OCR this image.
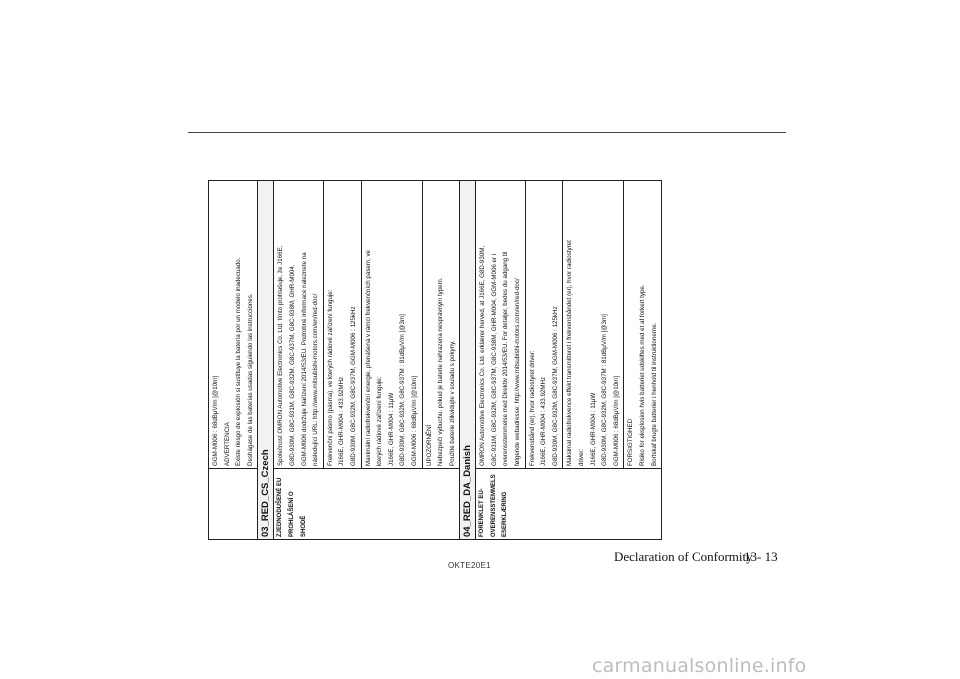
	GGM-M006 : 68dBμV/m [@10m] ADVERTENCIA Existe riesgo de explosión si sustituye la batería por un modelo inadecuado. Deshágase de las baterías usadas siguiendo las instrucciones.

03_RED_CS_Czech	
ZJEDNODUŠENÉ EU PROHLÁŠENÍ O SHODĚ	Společnost OMRON Automotive Electronics Co. Ltd. tímto prohlašuje, že J166E, G8D-930M, G8C-931M, G8C-932M, G8C-937M, G8C-938M, GHR-M004, GGM-M006 dodržuje Nařízení 2014/53/EU. Podrobné informace naleznete na následující URL: http://www.mitsubishi-motors.com/en/red-doc/

	Frekvenční pásmo (pásma), ve kterých rádiové zařízení funguje: J166E, GHR-M004 : 433.92MHz G8D-930M, G8C-932M, G8C-937M, GGM-M006 : 125kHz

	Maximální radiofrekvenční energie, přenášená v rámci frekvenčních pásem, ve kterých rádiové zařízení funguje: J166E, GHR-M004 : 11μW G8D-930M, G8C-932M, G8C-937M : 81dBμV/m [@3m] GGM-M006 : 68dBμV/m [@10m]

	UPOZORNĚNÍ Nebezpečí výbuchu, pokud je baterie nahrazena nesprávným typem. Použité baterie zlikvidujte v souladu s pokyny.

04_RED_DA_Danish	
FORENKLET EU-OVERENSSTEMMELSESERKLÆRING	OMRON Automotive Electronics Co. Ltd. erklærer herved, at J166E, G8D-930M, G8C-931M, G8C-932M, G8C-937M, G8C-938M, GHR-M004, GGM-M006 er i overensstemmelse med Direktiv 2014/53/EU. For detaljer, bedes du adgang til følgende webadresse: http://www.mitsubishi-motors.com/en/red-doc/

	Frekvensbånd (er), hvor radiostyret driver: J166E, GHR-M004 : 433.92MHz G8D-930M, G8C-932M, G8C-937M, GGM-M006 : 125kHz

	Maksimal radiofrekvence effekt transmitteret i frekvensbåndet (er), hvor radiostyret driver: J166E, GHR-M004 : 11μW G8D-930M, G8C-932M, G8C-937M : 81dBμV/m [@3m] GGM-M006 : 68dBμV/m [@10m]

	FORSIGTIGHED Risiko for eksplosion hvis batteriet udskiftes med et af forkert type. Bortskaf brugte batterier i henhold til instruktionerne.
OKTE20E1
Declaration of Conformity
13- 13
carmanualsonline.info
